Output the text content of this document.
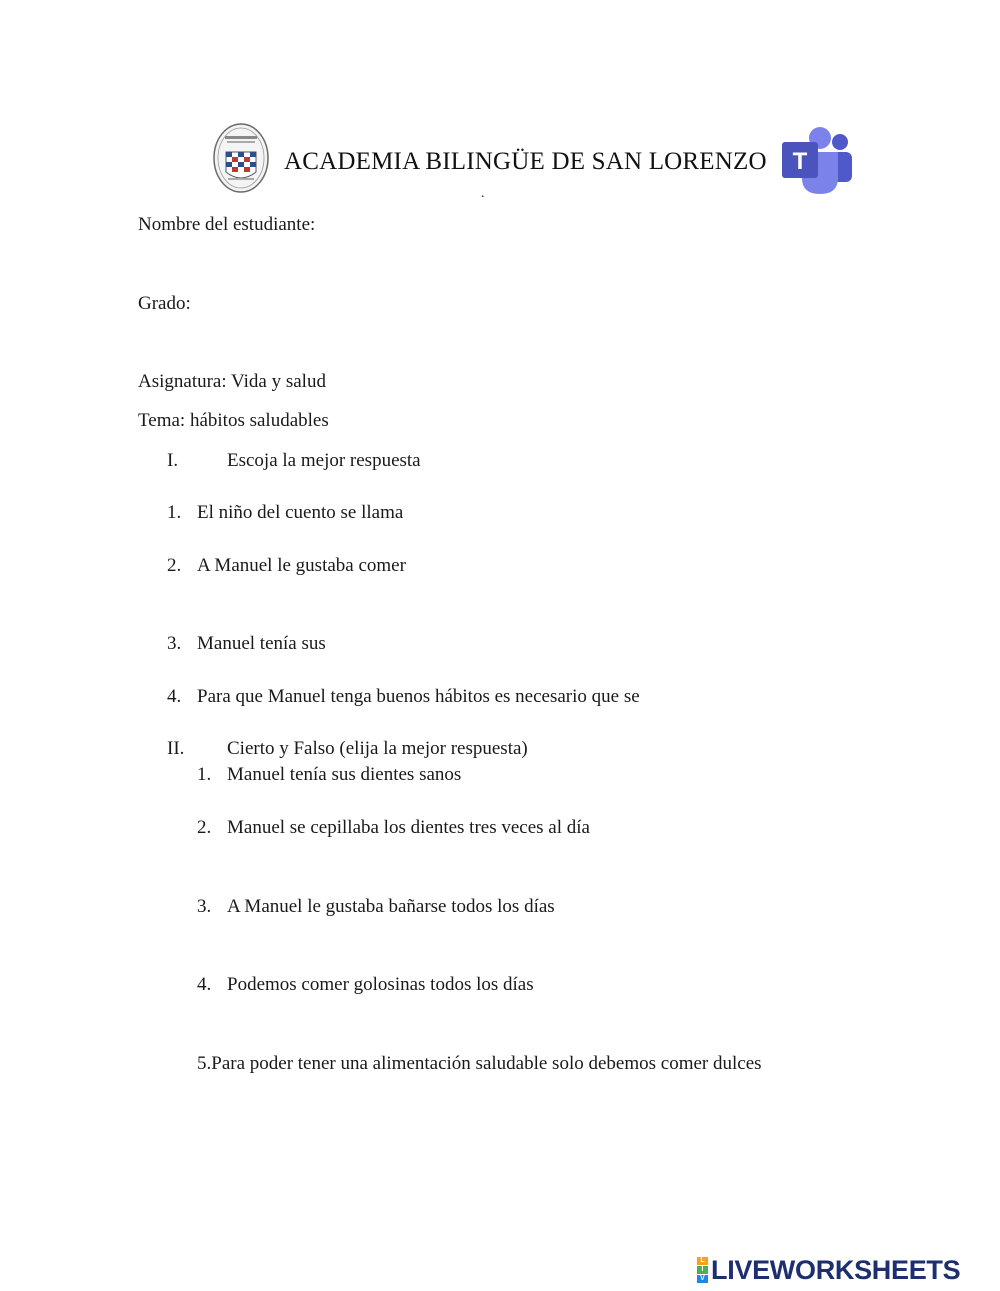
ACADEMIA BILINGÜE DE SAN LORENZO
.
T
Nombre del estudiante:
Grado:
Asignatura: Vida y salud
Tema: hábitos saludables
I.	Escoja la mejor respuesta
1. El niño del cuento se llama
2. A Manuel le gustaba comer
3. Manuel tenía sus
4. Para que Manuel tenga buenos hábitos es necesario que se
II. Cierto y Falso (elija la mejor respuesta)
1. Manuel tenía sus dientes sanos
2. Manuel se cepillaba los dientes tres veces al día
3. A Manuel le gustaba bañarse todos los días
4. Podemos comer golosinas todos los días
5.Para poder tener una alimentación saludable solo debemos comer dulces
L
I
V LIVEWORKSHEETS
